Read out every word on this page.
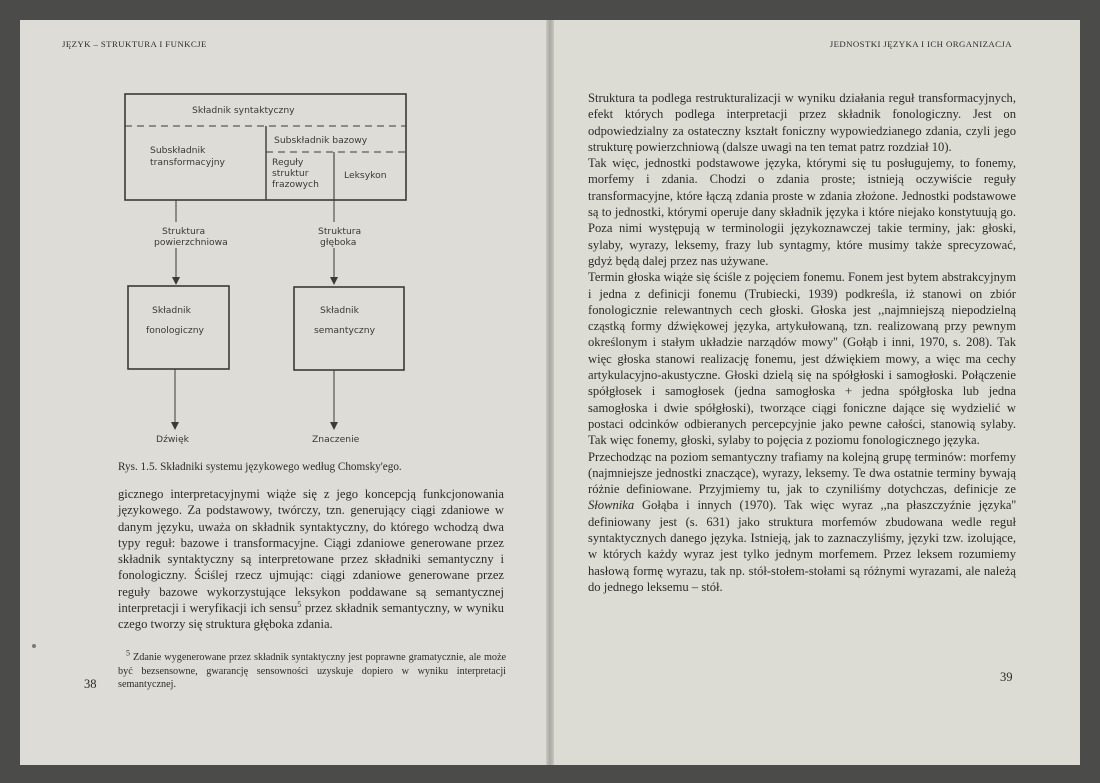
JĘZYK – STRUKTURA I FUNKCJE	JEDNOSTKI JĘZYKA I ICH ORGANIZACJA
Składnik syntaktyczny
Subskładnik transformacyjny
Subskładnik bazowy
Reguły struktur frazowych
Leksykon
Struktura powierzchniowa
Struktura głęboka
Składnik fonologiczny
Składnik semantyczny
Dźwięk	Znaczenie
Rys. 1.5. Składniki systemu językowego według Chomsky'ego.

gicznego interpretacyjnymi wiąże się z jego koncepcją funkcjonowania językowego. Za podstawowy, twórczy, tzn. generujący ciągi zdaniowe w danym języku, uważa on składnik syntaktyczny, do którego wchodzą dwa typy reguł: bazowe i transformacyjne. Ciągi zdaniowe generowane przez składnik syntaktyczny są interpretowane przez składniki semantyczny i fonologiczny. Ściślej rzecz ujmując: ciągi zdaniowe generowane przez reguły bazowe wykorzystujące leksykon poddawane są semantycznej interpretacji i weryfikacji ich sensu$^5$ przez składnik semantyczny, w wyniku czego tworzy się struktura głęboka zdania.

$^5$ Zdanie wygenerowane przez składnik syntaktyczny jest poprawne gramatycznie, ale może być bezsensowne, gwarancję sensowności uzyskuje dopiero w wyniku interpretacji semantycznej.

38

Struktura ta podlega restrukturalizacji w wyniku działania reguł transformacyjnych, efekt których podlega interpretacji przez składnik fonologiczny. Jest on odpowiedzialny za ostateczny kształt foniczny wypowiedzianego zdania, czyli jego strukturę powierzchniową (dalsze uwagi na ten temat patrz rozdział 10).

Tak więc, jednostki podstawowe języka, którymi się tu posługujemy, to fonemy, morfemy i zdania. Chodzi o zdania proste; istnieją oczywiście reguły transformacyjne, które łączą zdania proste w zdania złożone. Jednostki podstawowe są to jednostki, którymi operuje dany składnik języka i które niejako konstytuują go. Poza nimi występują w terminologii językoznawczej takie terminy, jak: głoski, sylaby, wyrazy, leksemy, frazy lub syntagmy, które musimy także sprecyzować, gdyż będą dalej przez nas używane.

Termin głoska wiąże się ściśle z pojęciem fonemu. Fonem jest bytem abstrakcyjnym i jedna z definicji fonemu (Trubiecki, 1939) podkreśla, iż stanowi on zbiór fonologicznie relewantnych cech głoski. Głoska jest ,,najmniejszą niepodzielną cząstką formy dźwiękowej języka, artykułowaną, tzn. realizowaną przy pewnym określonym i stałym układzie narządów mowy'' (Gołąb i inni, 1970, s. 208). Tak więc głoska stanowi realizację fonemu, jest dźwiękiem mowy, a więc ma cechy artykulacyjno-akustyczne. Głoski dzielą się na spółgłoski i samogłoski. Połączenie spółgłosek i samogłosek (jedna samogłoska + jedna spółgłoska lub jedna samogłoska i dwie spółgłoski), tworzące ciągi foniczne dające się wydzielić w postaci odcinków odbieranych percepcyjnie jako pewne całości, stanowią sylaby. Tak więc fonemy, głoski, sylaby to pojęcia z poziomu fonologicznego języka.

Przechodząc na poziom semantyczny trafiamy na kolejną grupę terminów: morfemy (najmniejsze jednostki znaczące), wyrazy, leksemy. Te dwa ostatnie terminy bywają różnie definiowane. Przyjmiemy tu, jak to czyniliśmy dotychczas, definicje ze Słownika Gołąba i innych (1970). Tak więc wyraz ,,na płaszczyźnie języka'' definiowany jest (s. 631) jako struktura morfemów zbudowana wedle reguł syntaktycznych danego języka. Istnieją, jak to zaznaczyliśmy, języki tzw. izolujące, w których każdy wyraz jest tylko jednym morfemem. Przez leksem rozumiemy hasłową formę wyrazu, tak np. stół-stołem-stołami są różnymi wyrazami, ale należą do jednego leksemu – stół.

39
